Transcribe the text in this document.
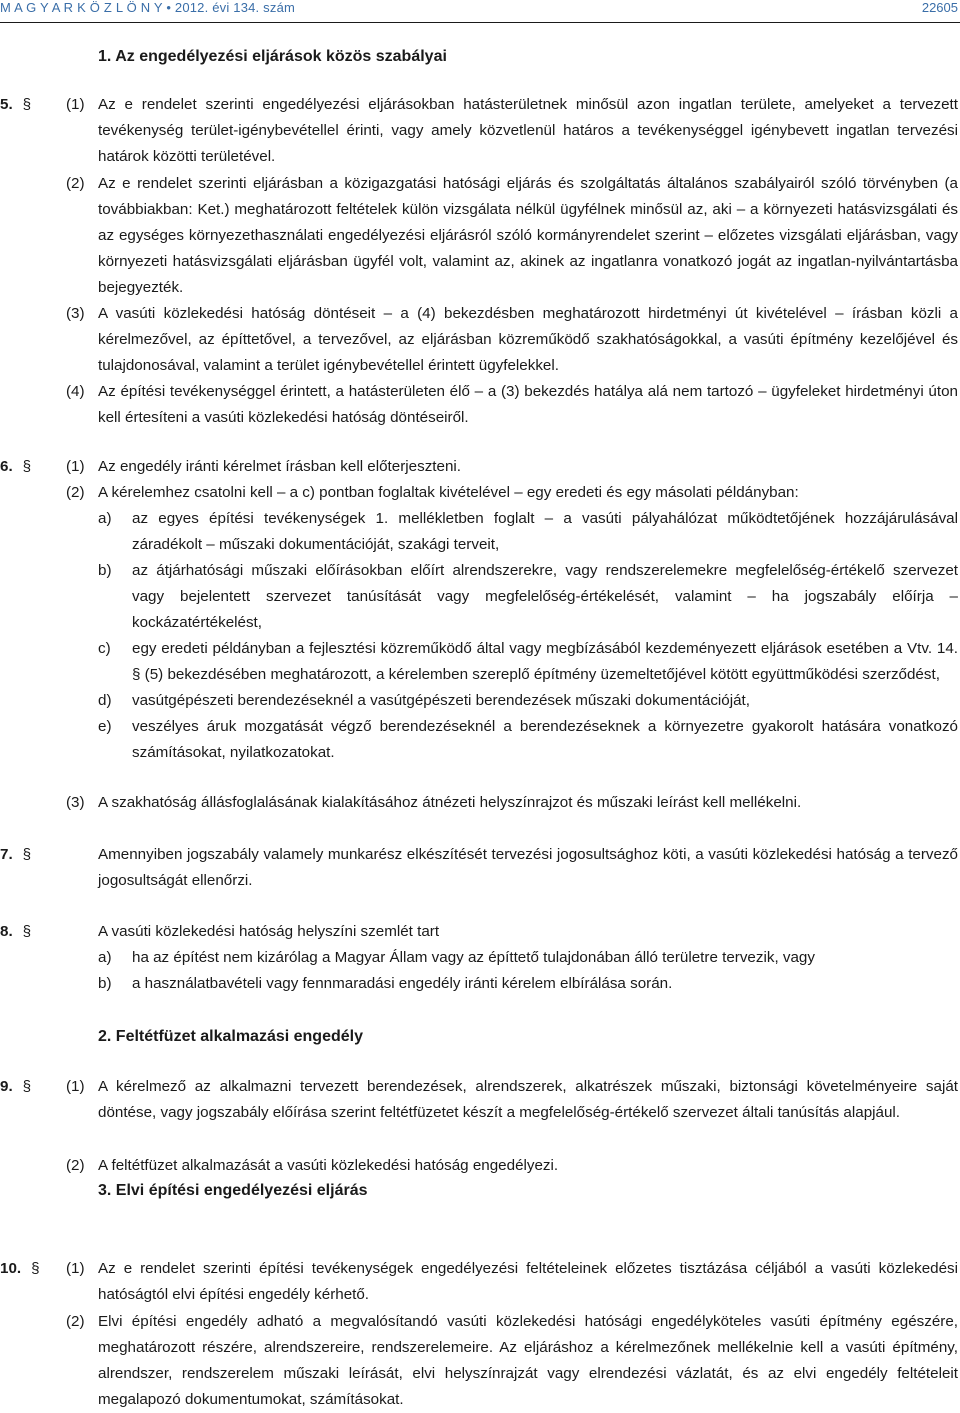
M A G Y A R K Ö Z L Ö N Y • 2012. évi 134. szám	22605
1. Az engedélyezési eljárások közös szabályai
5. § (1) Az e rendelet szerinti engedélyezési eljárásokban hatásterületnek minősül azon ingatlan területe, amelyeket a tervezett tevékenység terület-igénybevétellel érinti, vagy amely közvetlenül határos a tevékenységgel igénybevett ingatlan tervezési határok közötti területével.

(2) Az e rendelet szerinti eljárásban a közigazgatási hatósági eljárás és szolgáltatás általános szabályairól szóló törvényben (a továbbiakban: Ket.) meghatározott feltételek külön vizsgálata nélkül ügyfélnek minősül az, aki – a környezeti hatásvizsgálati és az egységes környezethasználati engedélyezési eljárásról szóló kormányrendelet szerint – előzetes vizsgálati eljárásban, vagy környezeti hatásvizsgálati eljárásban ügyfél volt, valamint az, akinek az ingatlanra vonatkozó jogát az ingatlan-nyilvántartásba bejegyezték.

(3) A vasúti közlekedési hatóság döntéseit – a (4) bekezdésben meghatározott hirdetményi út kivételével – írásban közli a kérelmezővel, az építtetővel, a tervezővel, az eljárásban közreműködő szakhatóságokkal, a vasúti építmény kezelőjével és tulajdonosával, valamint a terület igénybevétellel érintett ügyfelekkel.

(4) Az építési tevékenységgel érintett, a hatásterületen élő – a (3) bekezdés hatálya alá nem tartozó – ügyfeleket hirdetményi úton kell értesíteni a vasúti közlekedési hatóság döntéseiről.

6. § (1) Az engedély iránti kérelmet írásban kell előterjeszteni.

(2) A kérelemhez csatolni kell – a c) pontban foglaltak kivételével – egy eredeti és egy másolati példányban:

a)	az egyes építési tevékenységek 1. mellékletben foglalt – a vasúti pályahálózat működtetőjének hozzájárulásával záradékolt – műszaki dokumentációját, szakági terveit,

b)	az átjárhatósági műszaki előírásokban előírt alrendszerekre, vagy rendszerelemekre megfelelőség-értékelő szervezet vagy bejelentett szervezet tanúsítását vagy megfelelőség-értékelését, valamint – ha jogszabály előírja – kockázatértékelést,

c)	egy eredeti példányban a fejlesztési közreműködő által vagy megbízásából kezdeményezett eljárások esetében a Vtv. 14. § (5) bekezdésében meghatározott, a kérelemben szereplő építmény üzemeltetőjével kötött együttműködési szerződést,

d)	vasútgépészeti berendezéseknél a vasútgépészeti berendezések műszaki dokumentációját,

e)	veszélyes áruk mozgatását végző berendezéseknél a berendezéseknek a környezetre gyakorolt hatására vonatkozó számításokat, nyilatkozatokat.

(3) A szakhatóság állásfoglalásának kialakításához átnézeti helyszínrajzot és műszaki leírást kell mellékelni.

7. §	Amennyiben jogszabály valamely munkarész elkészítését tervezési jogosultsághoz köti, a vasúti közlekedési hatóság a tervező jogosultságát ellenőrzi.

8. §	A vasúti közlekedési hatóság helyszíni szemlét tart

a)	ha az építést nem kizárólag a Magyar Állam vagy az építtető tulajdonában álló területre tervezik, vagy

b)	a használatbavételi vagy fennmaradási engedély iránti kérelem elbírálása során.

2. Feltétfüzet alkalmazási engedély
9. § (1) A kérelmező az alkalmazni tervezett berendezések, alrendszerek, alkatrészek műszaki, biztonsági követelményeire saját döntése, vagy jogszabály előírása szerint feltétfüzetet készít a megfelelőség-értékelő szervezet általi tanúsítás alapjául.

(2) A feltétfüzet alkalmazását a vasúti közlekedési hatóság engedélyezi.

3. Elvi építési engedélyezési eljárás
10. § (1) Az e rendelet szerinti építési tevékenységek engedélyezési feltételeinek előzetes tisztázása céljából a vasúti közlekedési hatóságtól elvi építési engedély kérhető.

(2) Elvi építési engedély adható a megvalósítandó vasúti közlekedési hatósági engedélyköteles vasúti építmény egészére, meghatározott részére, alrendszereire, rendszerelemeire. Az eljáráshoz a kérelmezőnek mellékelnie kell a vasúti építmény, alrendszer, rendszerelem műszaki leírását, elvi helyszínrajzát vagy elrendezési vázlatát, és az elvi engedély feltételeit megalapozó dokumentumokat, számításokat.
